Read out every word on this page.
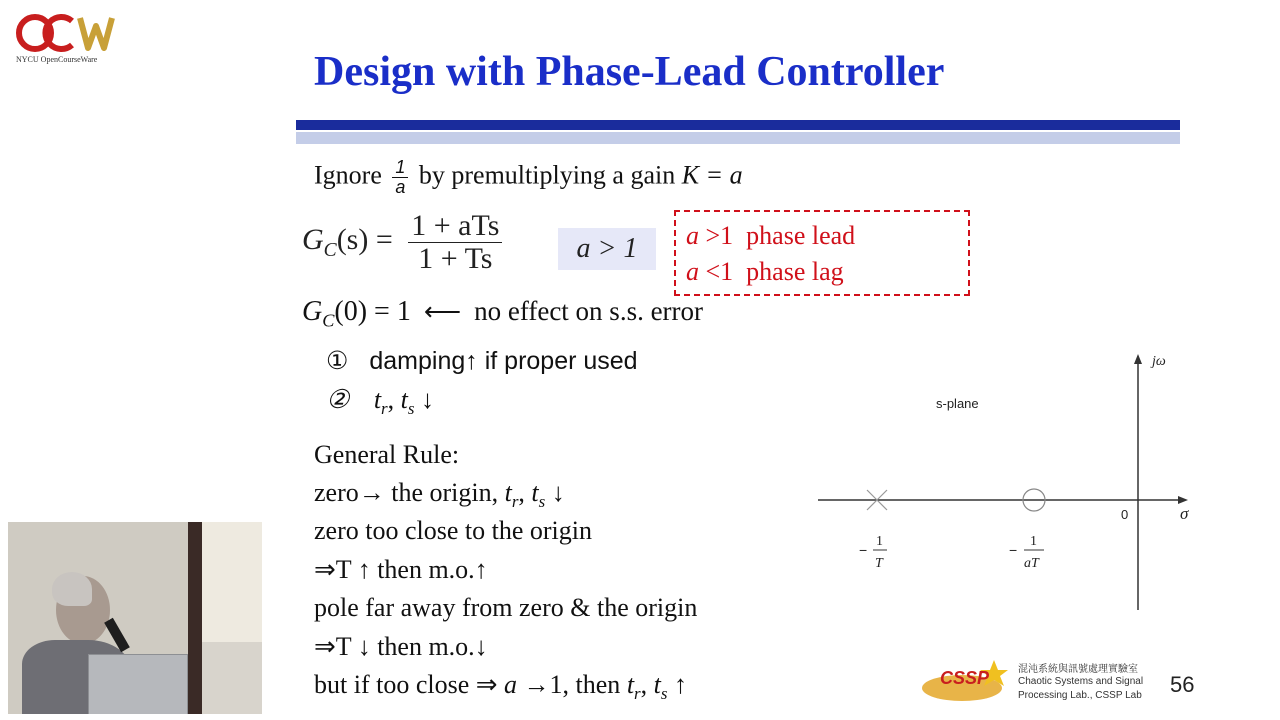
NYCU OpenCourseWare	Design with Phase-Lead Controller
Ignore $\frac{1}{a}$ by premultiplying a gain K = a
$G_C(s) = \frac{\text{1 + aTs}}{1 + Ts}$	a > 1	a >1 phase lead
a <1 phase lag
$G_C(0) = 1$ ⟵ no effect on s.s. error
① damping↑ if proper used
② $t_r$, $t_s$ ↓
General Rule:
zero→ the origin, $t_r$, $t_s$ ↓
zero too close to the origin
⇒T ↑ then m.o.↑
pole far away from zero & the origin
⇒T ↓ then m.o.↓
but if too close ⇒ a →1, then $t_r$, $t_s$ ↑
jω
σ
s-plane
0
−
1
T
−
1
aT
CSSP	混沌系統與訊號處理實驗室
Chaotic Systems and Signal
Processing Lab., CSSP Lab 56
